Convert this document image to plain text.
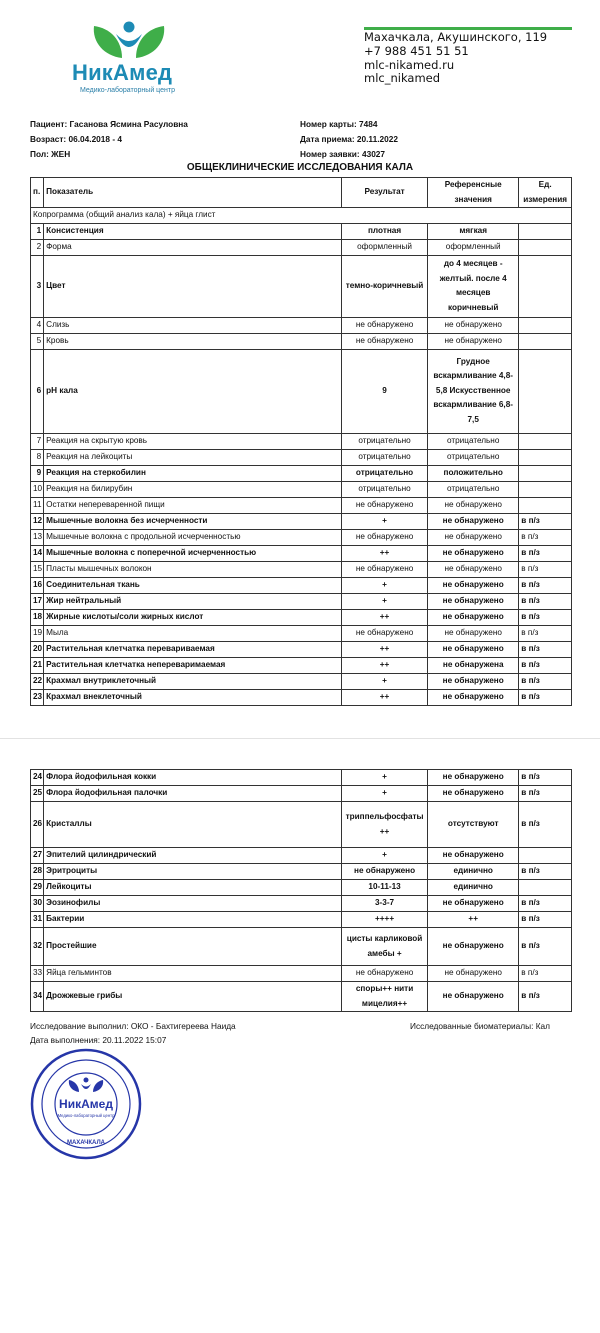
НикАмед
Медико-лабораторный центр
Махачкала, Акушинского, 119
+7 988 451 51 51
mlc-nikamed.ru
mlc_nikamed
Пациент: Гасанова Ясмина Расуловна
Возраст: 06.04.2018 - 4
Пол: ЖЕН
Номер карты: 7484
Дата приема: 20.11.2022
Номер заявки: 43027
ОБЩЕКЛИНИЧЕСКИЕ ИССЛЕДОВАНИЯ КАЛА
п.	Показатель	Результат	Референсные значения	Ед. измерения
Копрограмма (общий анализ кала) + яйца глист				
1	Консистенция	плотная	мягкая	
2	Форма	оформленный	оформленный	
3	Цвет	темно-коричневый	до 4 месяцев - желтый. после 4 месяцев коричневый	
4	Слизь	не обнаружено	не обнаружено	
5	Кровь	не обнаружено	не обнаружено	
6	pH кала	9	Грудное вскармливание 4,8-5,8 Искусственное вскармливание 6,8-7,5	
7	Реакция на скрытую кровь	отрицательно	отрицательно	
8	Реакция на лейкоциты	отрицательно	отрицательно	
9	Реакция на стеркобилин	отрицательно	положительно	
10	Реакция на билирубин	отрицательно	отрицательно	
11	Остатки непереваренной пищи	не обнаружено	не обнаружено	
12	Мышечные волокна без исчерченности	+	не обнаружено	в п/з
13	Мышечные волокна с продольной исчерченностью	не обнаружено	не обнаружено	в п/з
14	Мышечные волокна с поперечной исчерченностью	++	не обнаружено	в п/з
15	Пласты мышечных волокон	не обнаружено	не обнаружено	в п/з
16	Соединительная ткань	+	не обнаружено	в п/з
17	Жир нейтральный	+	не обнаружено	в п/з
18	Жирные кислоты/соли жирных кислот	++	не обнаружено	в п/з
19	Мыла	не обнаружено	не обнаружено	в п/з
20	Растительная клетчатка перевариваемая	++	не обнаружено	в п/з
21	Растительная клетчатка непереваримаемая	++	не обнаружена	в п/з
22	Крахмал внутриклеточный	+	не обнаружено	в п/з
23	Крахмал внеклеточный	++	не обнаружено	в п/з
24	Флора йодофильная кокки	+	не обнаружено	в п/з
25	Флора йодофильная палочки	+	не обнаружено	в п/з
26	Кристаллы	триппельфосфаты ++	отсутствуют	в п/з
27	Эпителий цилиндрический	+	не обнаружено	
28	Эритроциты	не обнаружено	единично	в п/з
29	Лейкоциты	10-11-13	единично	
30	Эозинофилы	3-3-7	не обнаружено	в п/з
31	Бактерии	++++	++	в п/з
32	Простейшие	цисты карликовой амебы +	не обнаружено	в п/з
33	Яйца гельминтов	не обнаружено	не обнаружено	в п/з
34	Дрожжевые грибы	споры++ нити мицелия++	не обнаружено	в п/з
Исследование выполнил: ОКО - Бахтигереева Наида	Исследованные биоматериалы: Кал
Дата выполнения: 20.11.2022 15:07
НикАмед
Медико-лабораторный центр
МАХАЧКАЛА
